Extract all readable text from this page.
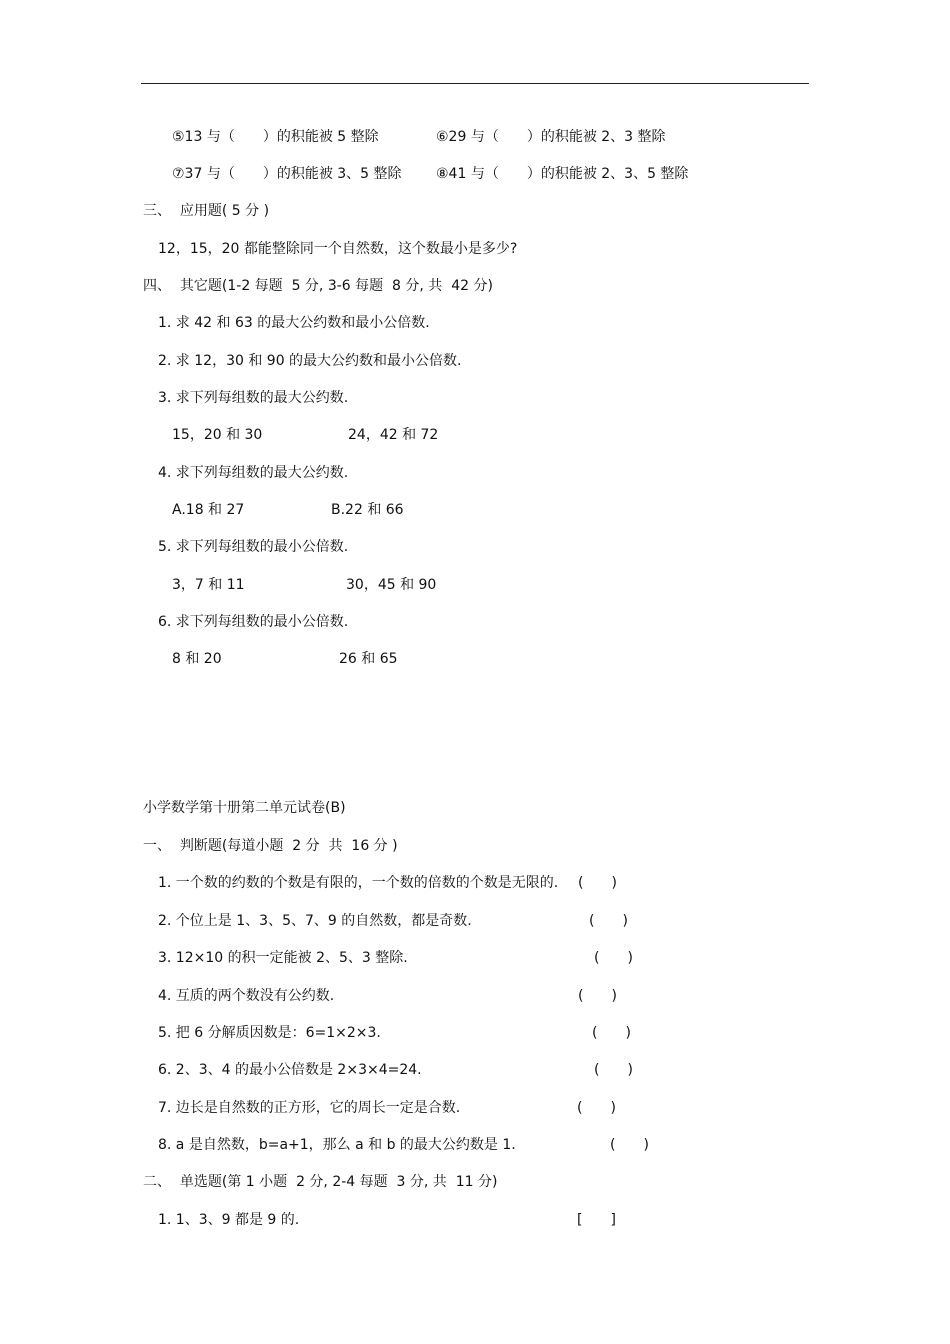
⑤13 与（　　）的积能被 5 整除	⑥29 与（　　）的积能被 2、3 整除
⑦37 与（　　）的积能被 3、5 整除 ⑧41 与（　　）的积能被 2、3、5 整除
三、  应用题( 5 分 )
12，15，20 都能整除同一个自然数，这个数最小是多少?
四、  其它题(1-2 每题  5 分, 3-6 每题  8 分, 共  42 分)
1. 求 42 和 63 的最大公约数和最小公倍数.
2. 求 12，30 和 90 的最大公约数和最小公倍数.
3. 求下列每组数的最大公约数.
15，20 和 30	24，42 和 72
4. 求下列每组数的最大公约数.
A.18 和 27	B.22 和 66
5. 求下列每组数的最小公倍数.
3，7 和 11	30，45 和 90
6. 求下列每组数的最小公倍数.
8 和 20	26 和 65
小学数学第十册第二单元试卷(B)
一、  判断题(每道小题  2 分  共  16 分 )
1. 一个数的约数的个数是有限的，一个数的倍数的个数是无限的. (　　)
2. 个位上是 1、3、5、7、9 的自然数，都是奇数.	(　　)
3. 12×10 的积一定能被 2、5、3 整除.	(　　)
4. 互质的两个数没有公约数.	(　　)
5. 把 6 分解质因数是：6=1×2×3.	(　　)
6. 2、3、4 的最小公倍数是 2×3×4=24.	(　　)
7. 边长是自然数的正方形，它的周长一定是合数.	(　　)
8. a 是自然数，b=a+1，那么 a 和 b 的最大公约数是 1.	(　　)
二、  单选题(第 1 小题  2 分, 2-4 每题  3 分, 共  11 分)
1. 1、3、9 都是 9 的.	[　　]
